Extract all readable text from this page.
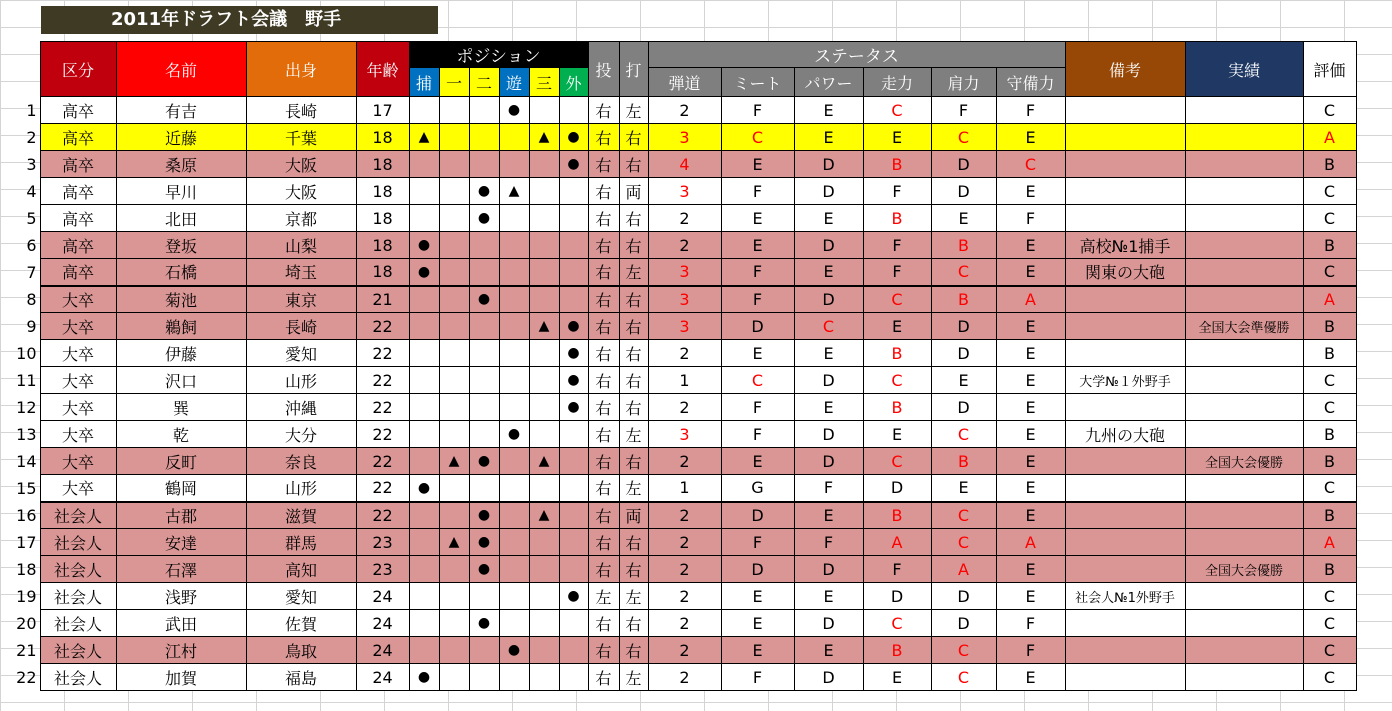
2011年ドラフト会議　野手
	区分	名前	出身	年齢	ポジション						投	打	ステータス						備考	実績	評価
					捕	一	二	遊	三	外			弾道	ミート	パワー	走力	肩力	守備力			
1	高卒	有吉	長崎	17				●			右	左	2	F	E	C	F	F			C
2	高卒	近藤	千葉	18	▲				▲	●	右	右	3	C	E	E	C	E			A
3	高卒	桑原	大阪	18						●	右	右	4	E	D	B	D	C			B
4	高卒	早川	大阪	18			●	▲			右	両	3	F	D	F	D	E			C
5	高卒	北田	京都	18			●				右	右	2	E	E	B	E	F			C
6	高卒	登坂	山梨	18	●						右	右	2	E	D	F	B	E	高校№1捕手		B
7	高卒	石橋	埼玉	18	●						右	左	3	F	E	F	C	E	関東の大砲		C
8	大卒	菊池	東京	21			●				右	右	3	F	D	C	B	A			A
9	大卒	鵜飼	長崎	22					▲	●	右	右	3	D	C	E	D	E		全国大会準優勝	B
10	大卒	伊藤	愛知	22						●	右	右	2	E	E	B	D	E			B
11	大卒	沢口	山形	22						●	右	右	1	C	D	C	E	E	大学№１外野手		C
12	大卒	巽	沖縄	22						●	右	右	2	F	E	B	D	E			C
13	大卒	乾	大分	22				●			右	左	3	F	D	E	C	E	九州の大砲		B
14	大卒	反町	奈良	22		▲	●		▲		右	右	2	E	D	C	B	E		全国大会優勝	B
15	大卒	鶴岡	山形	22	●						右	左	1	G	F	D	E	E			C
16	社会人	古郡	滋賀	22			●		▲		右	両	2	D	E	B	C	E			B
17	社会人	安達	群馬	23		▲	●				右	右	2	F	F	A	C	A			A
18	社会人	石澤	高知	23			●				右	右	2	D	D	F	A	E		全国大会優勝	B
19	社会人	浅野	愛知	24						●	左	左	2	E	E	D	D	E	社会人№1外野手		C
20	社会人	武田	佐賀	24			●				右	右	2	E	D	C	D	F			C
21	社会人	江村	鳥取	24				●			右	右	2	E	E	B	C	F			C
22	社会人	加賀	福島	24	●						右	左	2	F	D	E	C	E			C
